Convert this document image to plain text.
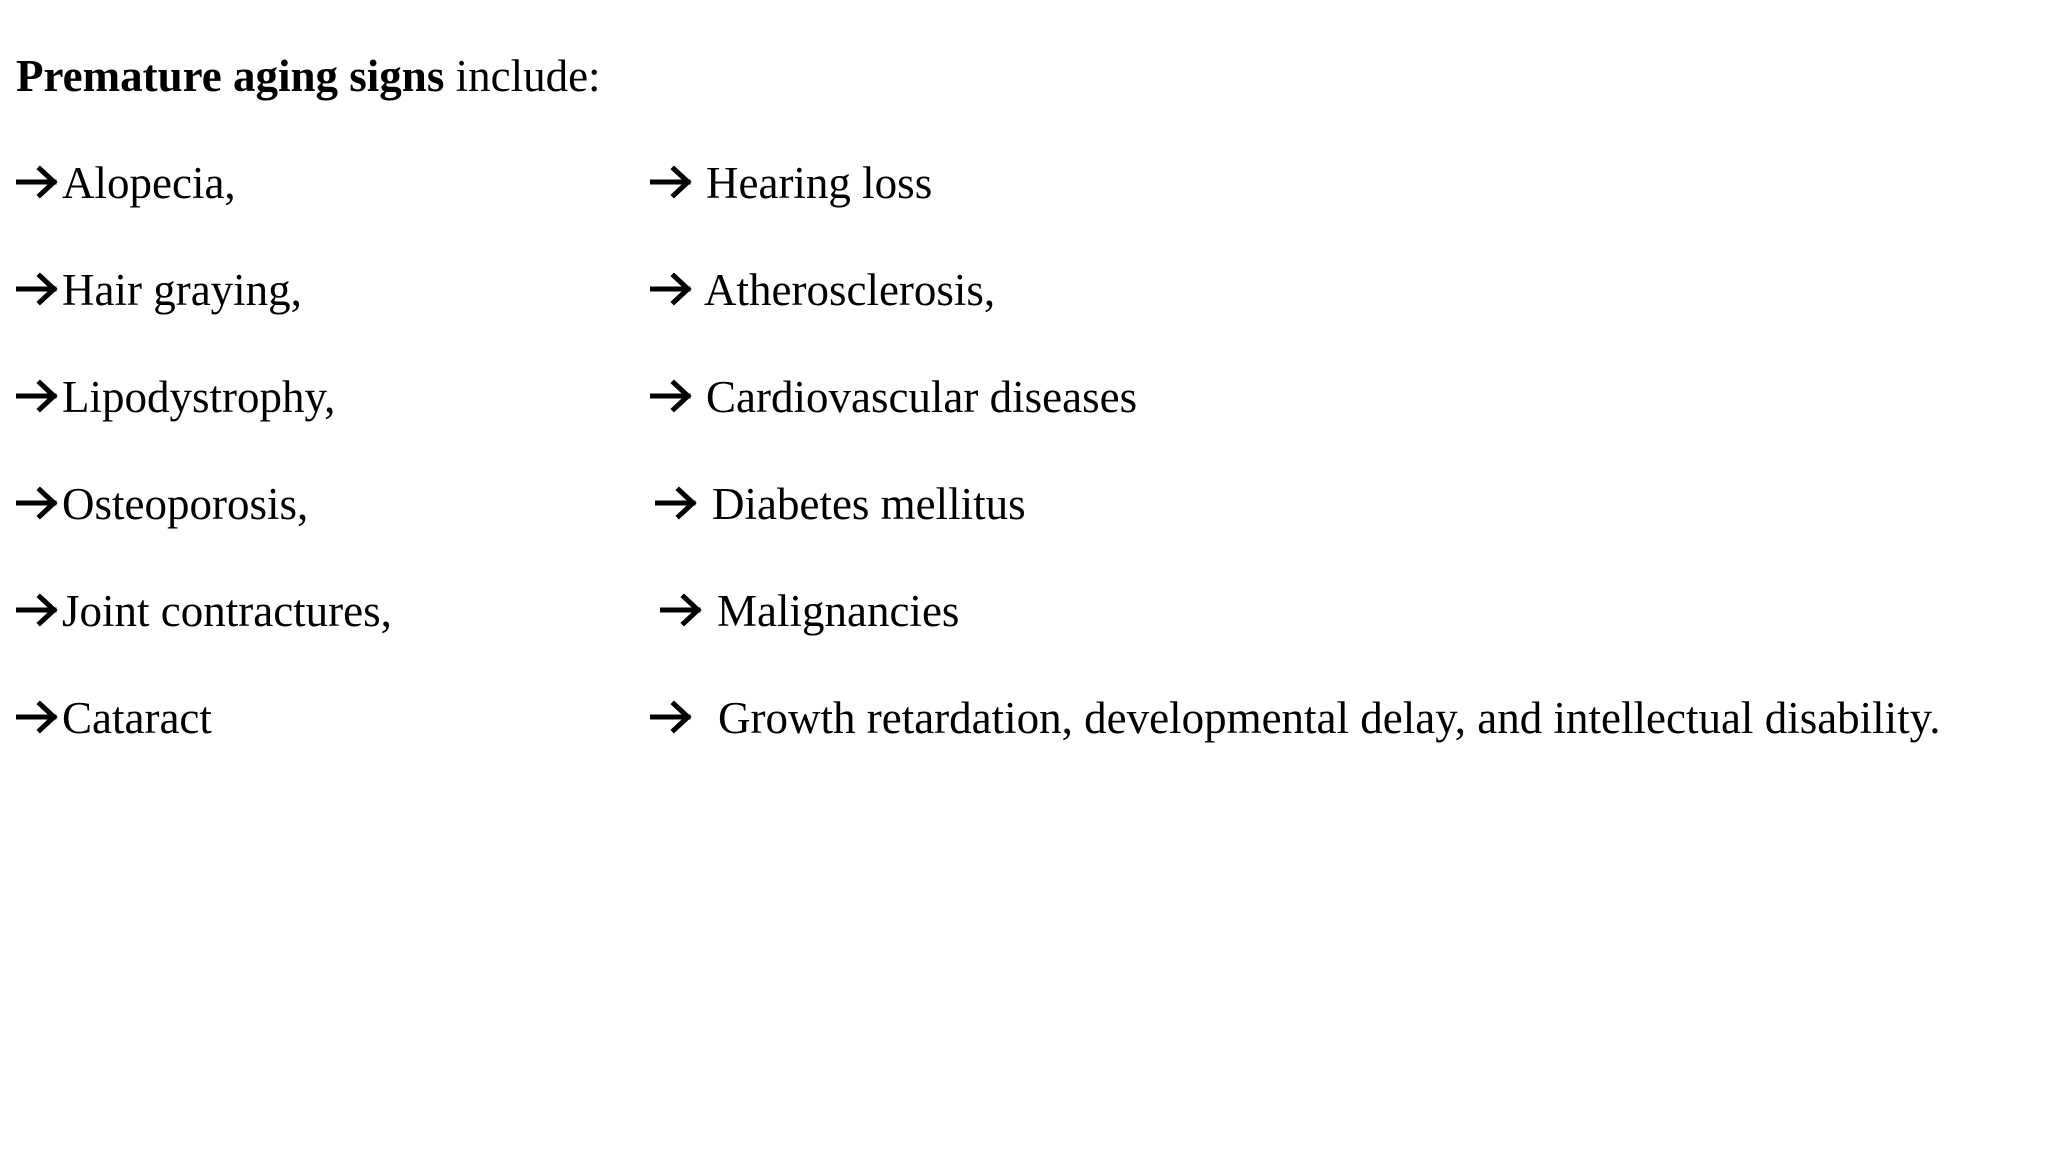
Premature aging signs include:
Alopecia,
Hair graying,
Lipodystrophy,
Osteoporosis,
Joint contractures,
Cataract
Hearing loss
Atherosclerosis,
Cardiovascular diseases
Diabetes mellitus
Malignancies
Growth retardation, developmental delay, and intellectual disability.
